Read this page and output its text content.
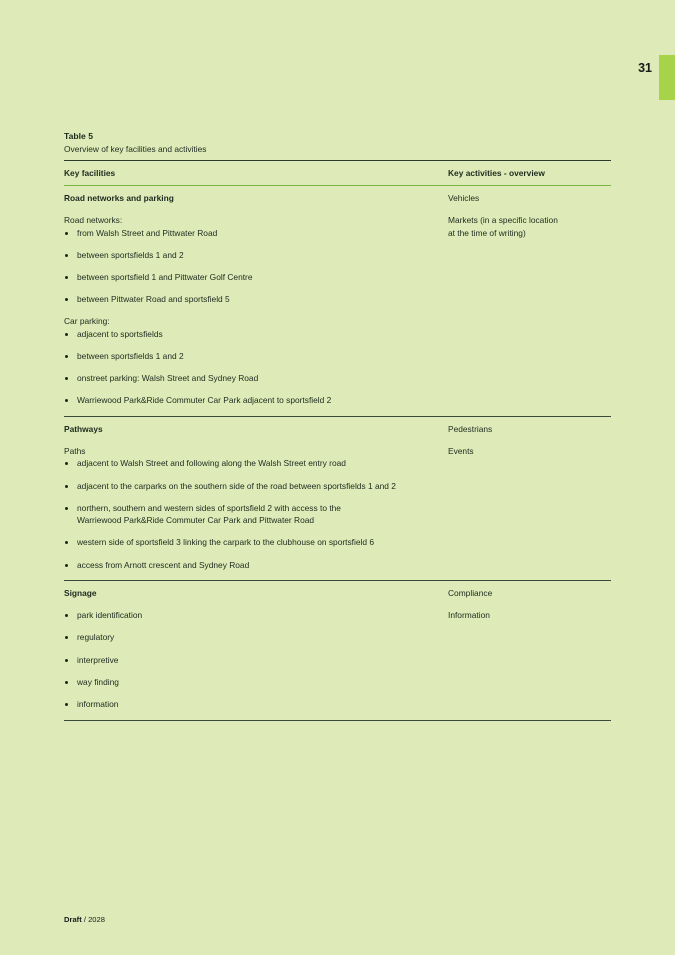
31
Table 5
Overview of key facilities and activities
Key facilities	Key activities - overview
Road networks and parking
Road networks:
from Walsh Street and Pittwater Road
between sportsfields 1 and 2
between sportsfield 1 and Pittwater Golf Centre
between Pittwater Road and sportsfield 5
Car parking:
adjacent to sportsfields
between sportsfields 1 and 2
onstreet parking: Walsh Street and Sydney Road
Warriewood Park&Ride Commuter Car Park adjacent to sportsfield 2
Vehicles
Markets (in a specific location
at the time of writing)
Pathways
Paths
adjacent to Walsh Street and following along the Walsh Street entry road
adjacent to the carparks on the southern side of the road between sportsfields 1 and 2
northern, southern and western sides of sportsfield 2 with access to the
Warriewood Park&Ride Commuter Car Park and Pittwater Road
western side of sportsfield 3 linking the carpark to the clubhouse on sportsfield 6
access from Arnott crescent and Sydney Road
Pedestrians
Events
Signage
park identification
regulatory
interpretive
way finding
information
Compliance
Information
Draft / 2028
